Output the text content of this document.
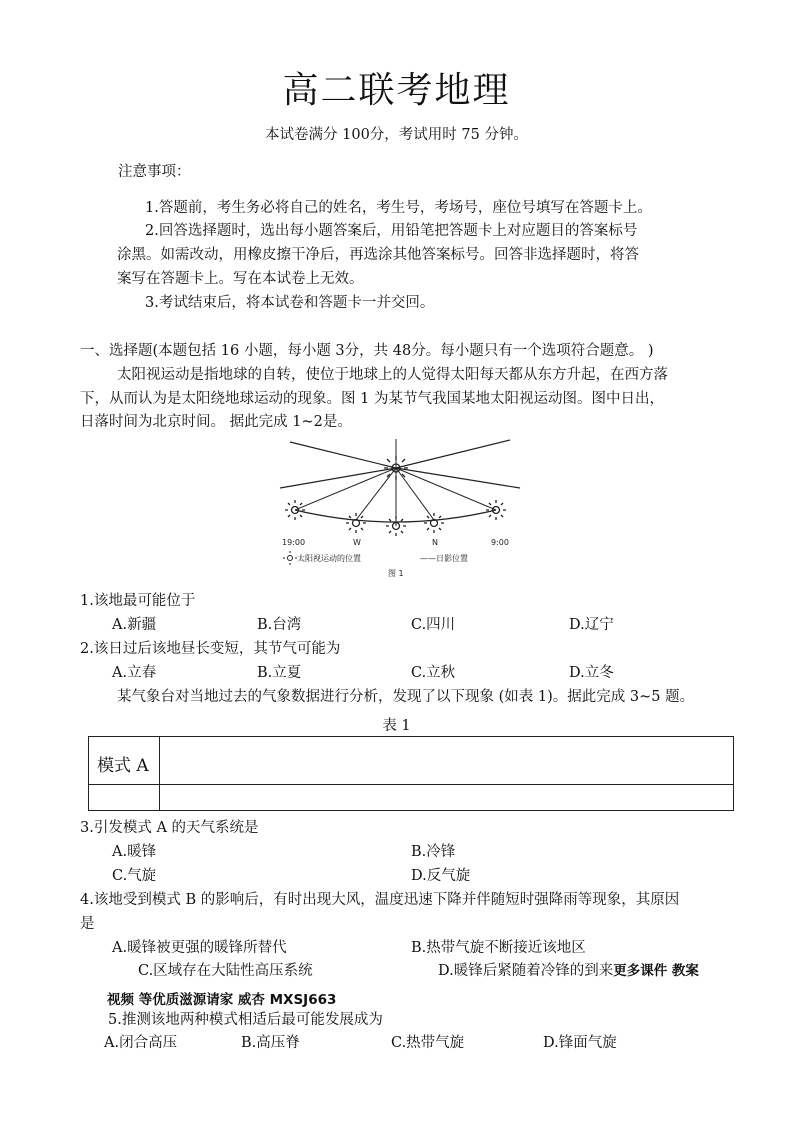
高二联考地理
本试卷满分 100分，考试用时 75 分钟。
注意事项：
1.答题前，考生务必将自己的姓名，考生号，考场号，座位号填写在答题卡上。
2.回答选择题时，选出每小题答案后，用铅笔把答题卡上对应题目的答案标号
涂黑。如需改动，用橡皮擦干净后，再选涂其他答案标号。回答非选择题时，将答
案写在答题卡上。写在本试卷上无效。
3.考试结束后，将本试卷和答题卡一并交回。
一、选择题(本题包括 16 小题，每小题 3分，共 48分。每小题只有一个选项符合题意。 )
太阳视运动是指地球的自转，使位于地球上的人觉得太阳每天都从东方升起，在西方落
下，从而认为是太阳绕地球运动的现象。图 1 为某节气我国某地太阳视运动图。图中日出，
日落时间为北京时间。 据此完成 1~2是。
19:00	W	N	9:00
太阳视运动的位置	——日影位置
图 1
1.该地最可能位于
A.新疆	B.台湾	C.四川	D.辽宁
2.该日过后该地昼长变短，其节气可能为
A.立春	B.立夏	C.立秋	D.立冬
某气象台对当地过去的气象数据进行分析，发现了以下现象 (如表 1)。据此完成 3~5 题。
表 1
模式 A
3.引发模式 A 的天气系统是
A.暖锋	B.冷锋
C.气旋	D.反气旋
4.该地受到模式 B 的影响后，有时出现大风，温度迅速下降并伴随短时强降雨等现象，其原因
是
A.暖锋被更强的暖锋所替代	B.热带气旋不断接近该地区
C.区域存在大陆性高压系统	D.暖锋后紧随着冷锋的到来更多课件 教案
视频 等优质滋源请家 威杏 MXSJ663
5.推测该地两种模式相适后最可能发展成为
A.闭合高压	B.高压脊	C.热带气旋	D.锋面气旋
